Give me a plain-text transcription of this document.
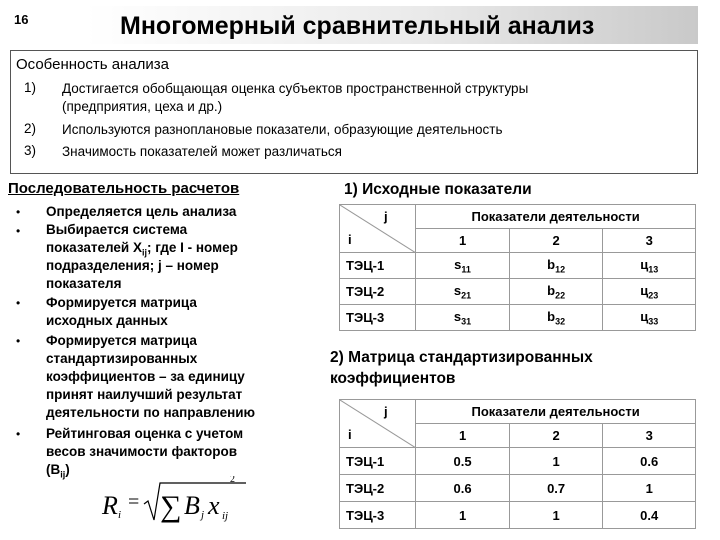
16	Многомерный сравнительный анализ
Особенность анализа
1) Достигается обобщающая оценка субъектов пространственной структуры
(предприятия, цеха и др.)
2) Используются разноплановые показатели, образующие деятельность
3) Значимость показателей может различаться
Последовательность расчетов
• Определяется цель анализа
• Выбирается система
показателей $X_{ij}$; где I - номер
подразделения; j – номер
показателя
• Формируется матрица
исходных данных
• Формируется матрица
стандартизированных
коэффициентов – за единицу
принят наилучший результат
деятельности по направлению
• Рейтинговая оценка с учетом
весов значимости факторов
$(B_{ij})$
R i
= ∑ B j x ij
2
1) Исходные показатели
j
i	Показатели деятельности		
	1	2	3
ТЭЦ-1	$s_{11}$	$b_{12}$	$ц_{13}$
ТЭЦ-2	$s_{21}$	$b_{22}$	$ц_{23}$
ТЭЦ-3	$s_{31}$	$b_{32}$	$ц_{33}$
2) Матрица стандартизированных
коэффициентов
j
i	Показатели деятельности		
	1	2	3
ТЭЦ-1	0.5	1	0.6
ТЭЦ-2	0.6	0.7	1
ТЭЦ-3	1	1	0.4
